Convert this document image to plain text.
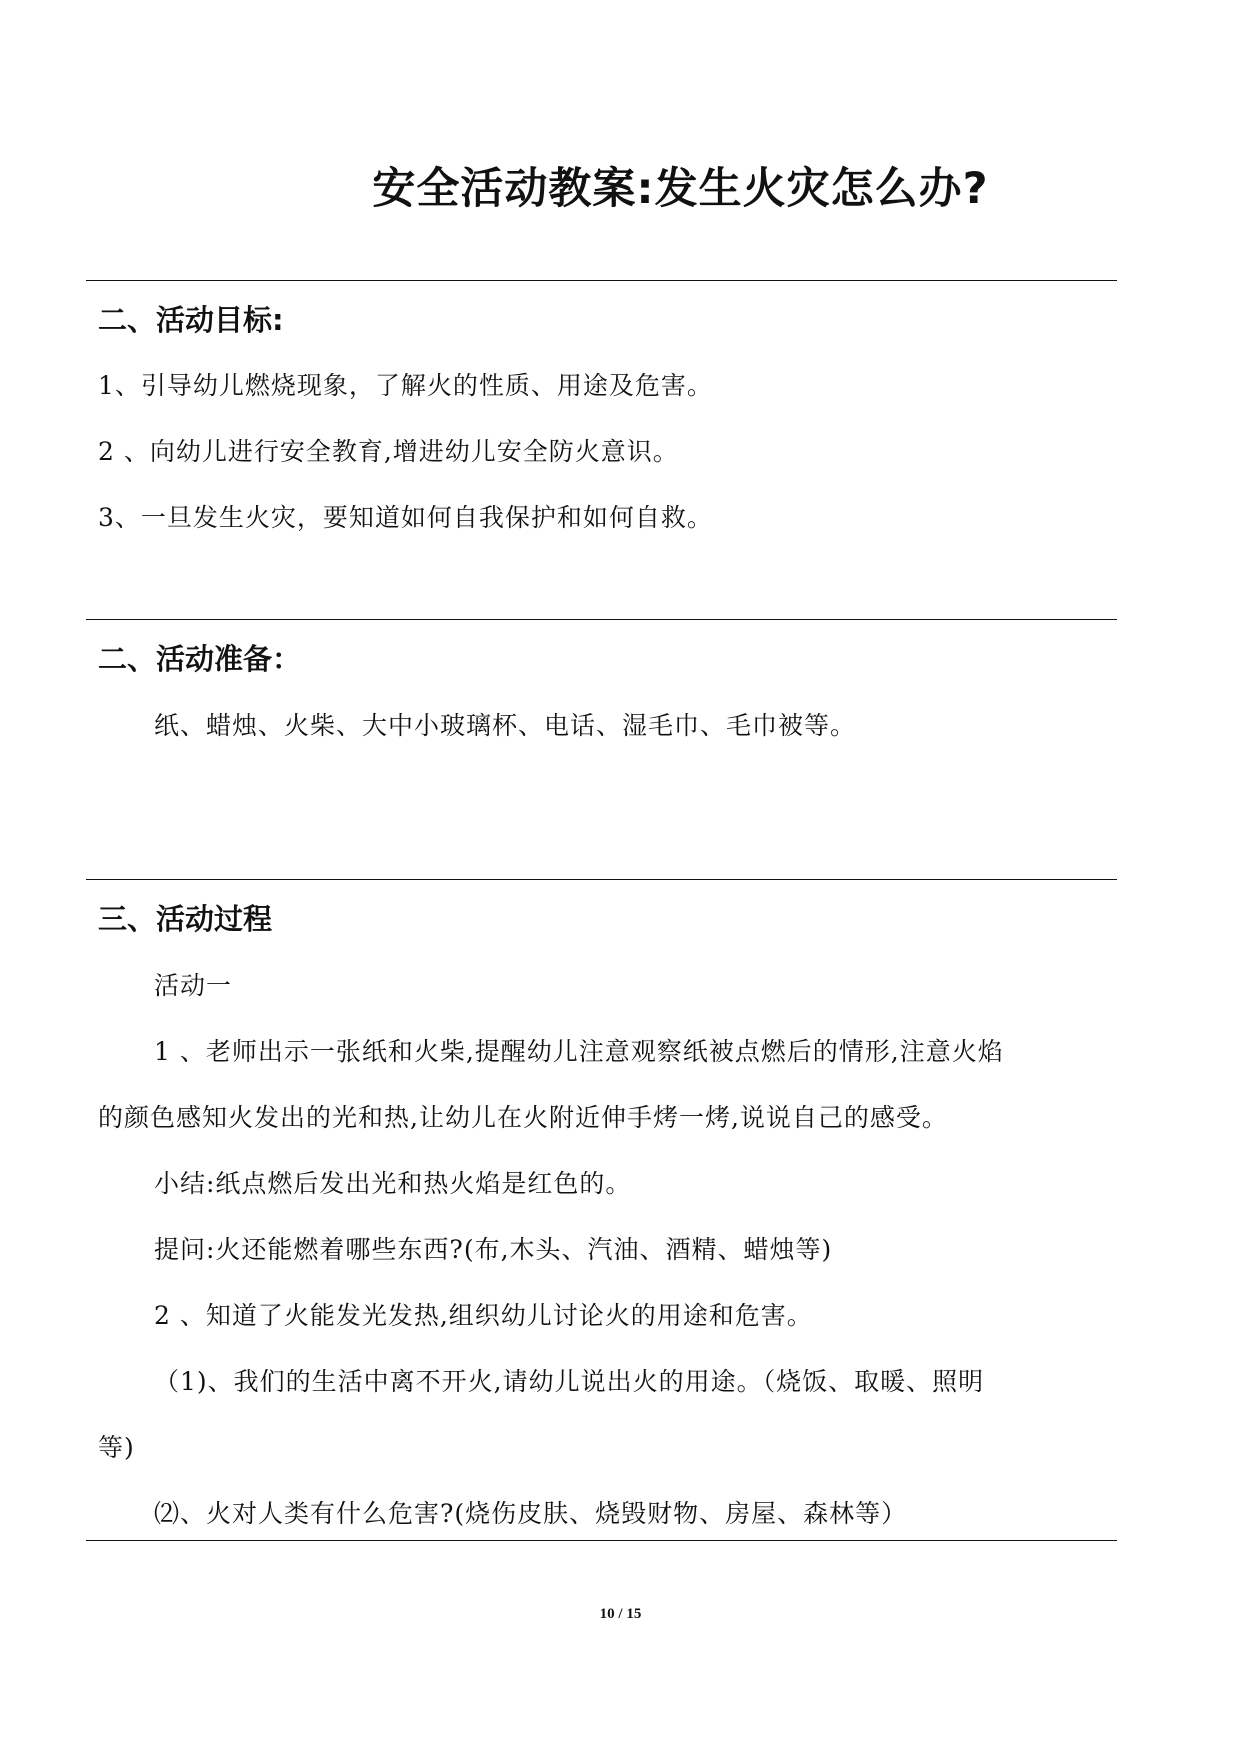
安全活动教案:发生火灾怎么办?
二、活动目标:
1、引导幼儿燃烧现象，了解火的性质、用途及危害。
2 、向幼儿进行安全教育,增进幼儿安全防火意识。
3、一旦发生火灾，要知道如何自我保护和如何自救。
二、活动准备：
纸、蜡烛、火柴、大中小玻璃杯、电话、湿毛巾、毛巾被等。
三、活动过程
活动一
1 、老师出示一张纸和火柴,提醒幼儿注意观察纸被点燃后的情形,注意火焰
的颜色感知火发出的光和热,让幼儿在火附近伸手烤一烤,说说自己的感受。
小结:纸点燃后发出光和热火焰是红色的。
提问:火还能燃着哪些东西?(布,木头、汽油、酒精、蜡烛等)
2 、知道了火能发光发热,组织幼儿讨论火的用途和危害。
（1)、我们的生活中离不开火,请幼儿说出火的用途。（烧饭、取暖、照明
等)
⑵、火对人类有什么危害?(烧伤皮肤、烧毁财物、房屋、森林等）
10 / 15
